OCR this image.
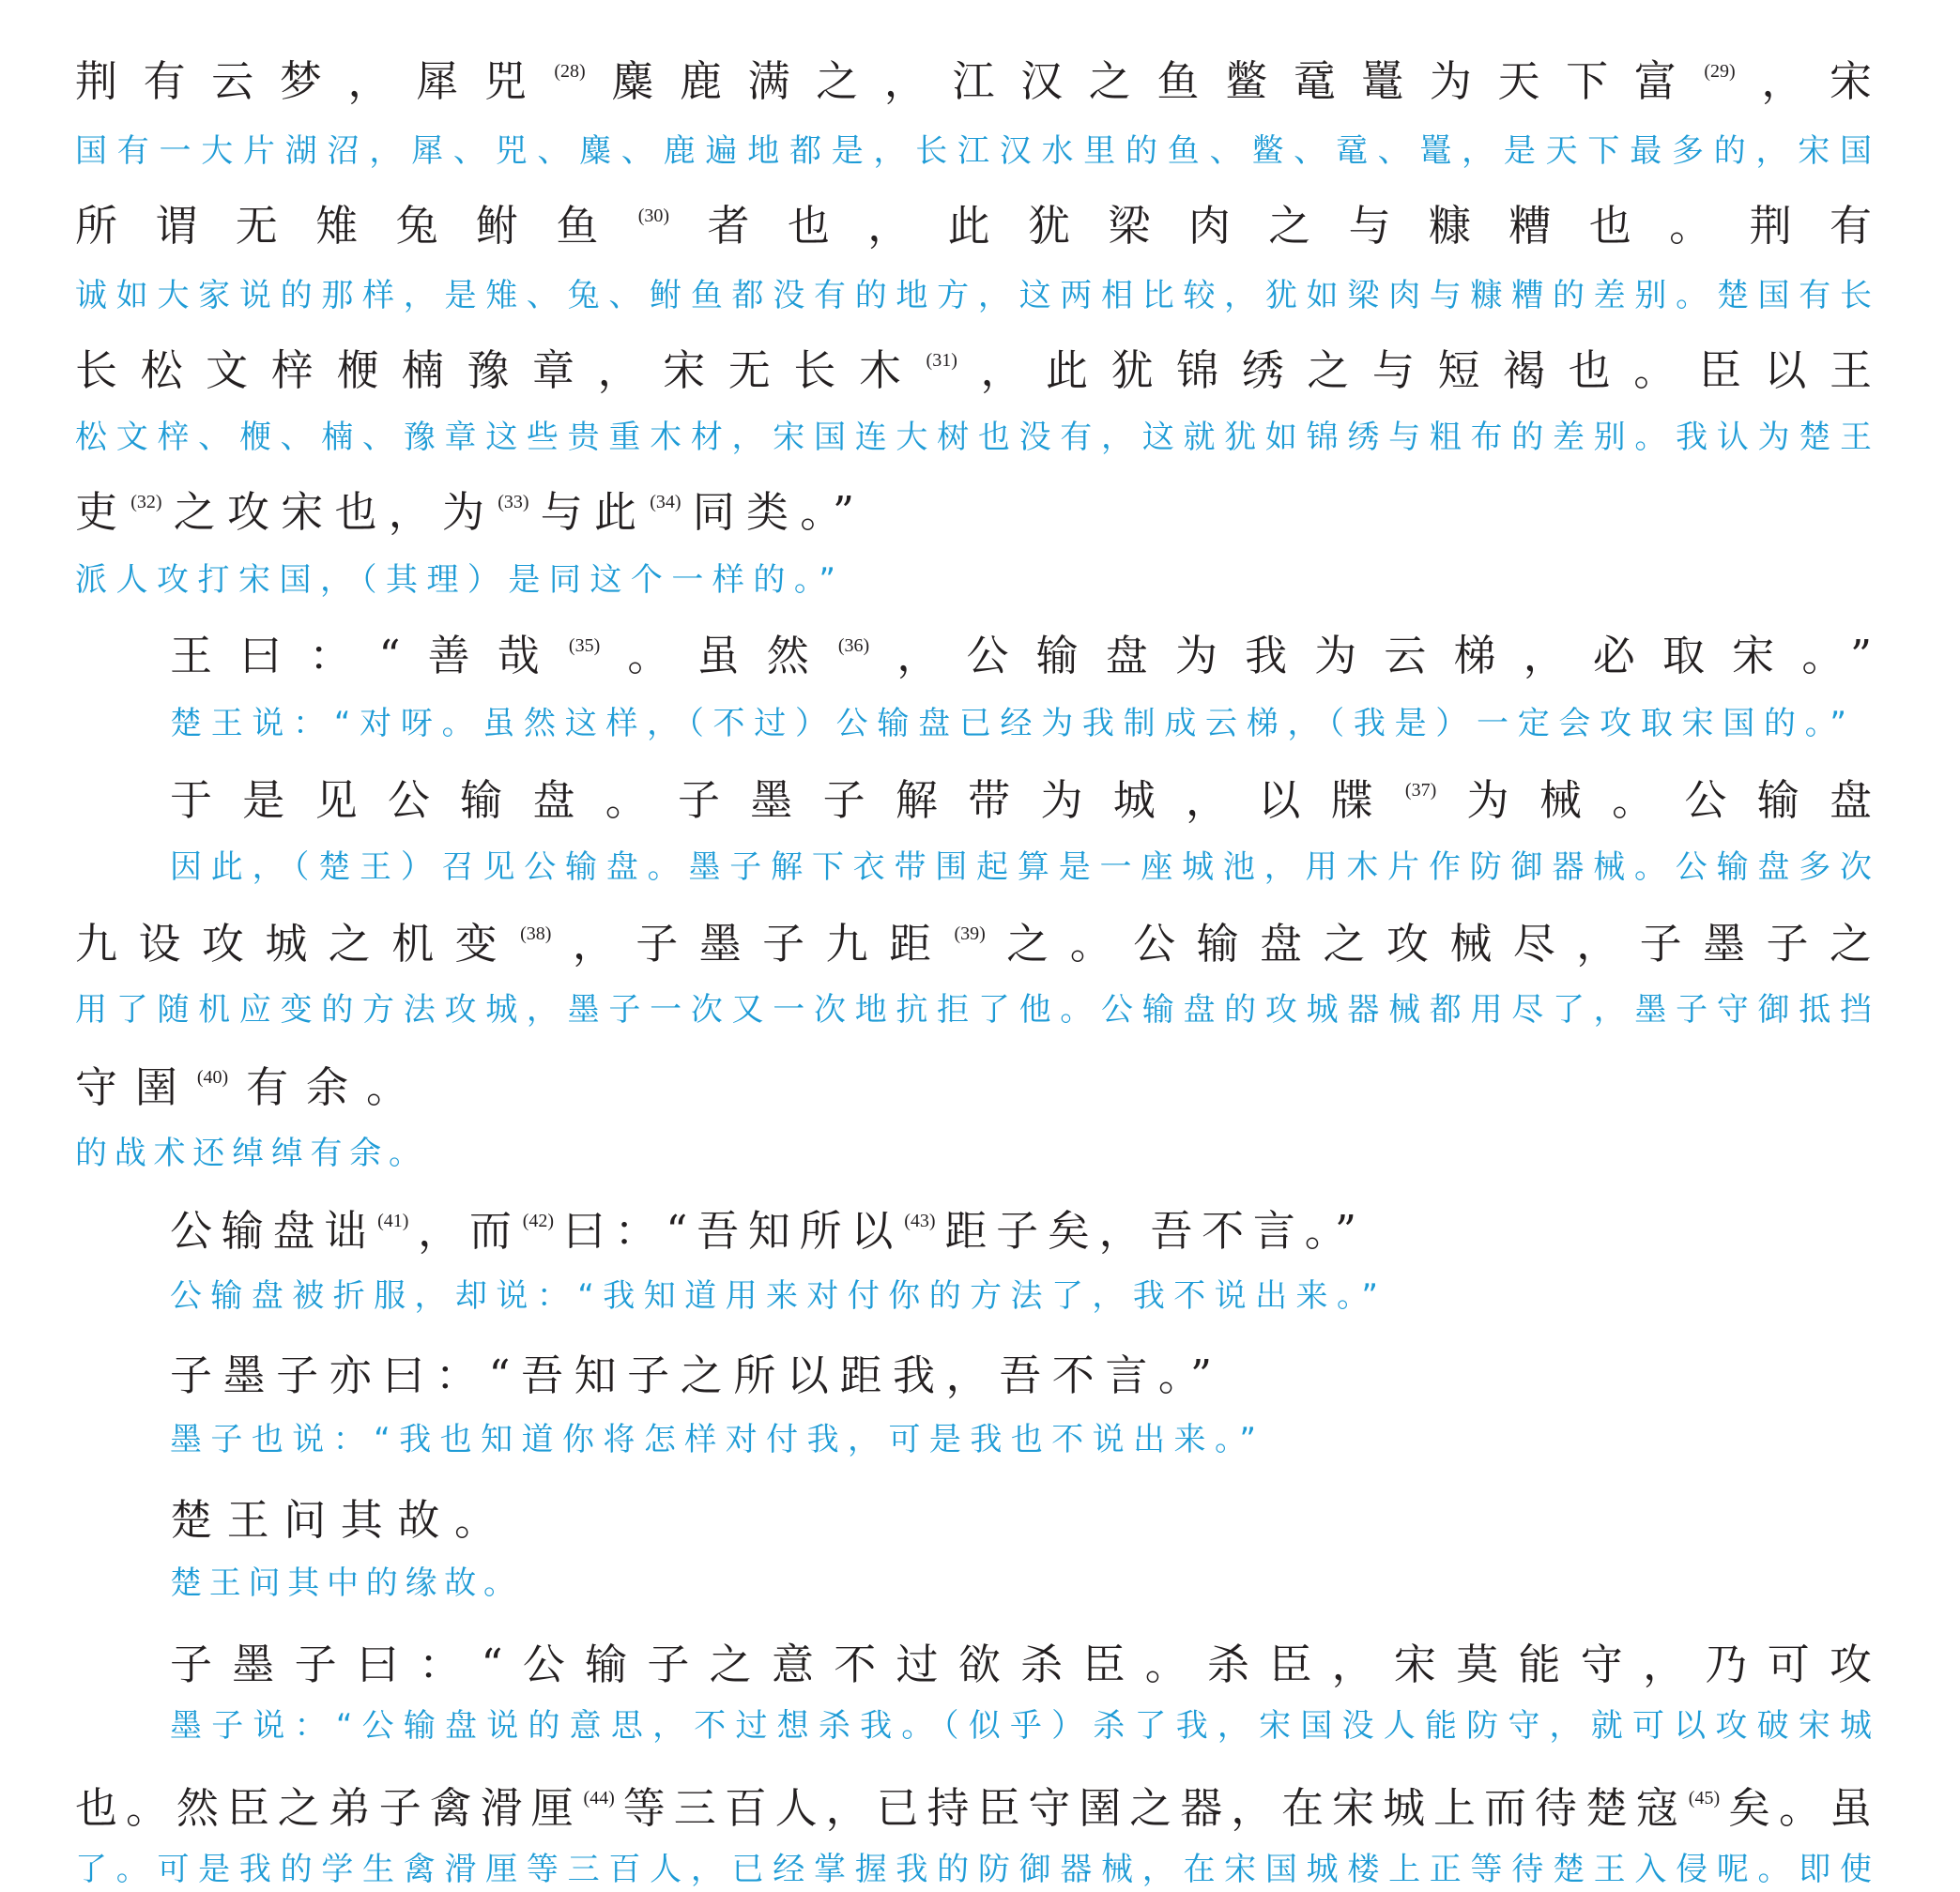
荆有云梦，犀兕 $^{(28)}$麋鹿满之，江汉之鱼鳖鼋鼍为天下富 $^{(29)}$，宋
国有一大片湖沼，犀、兕、麋、鹿遍地都是，长江汉水里的鱼、鳖、鼋、鼍，是天下最多的，宋国
所谓无雉兔鲋鱼 $^{(30)}$者也，此犹梁肉之与糠糟也。荆有
诚如大家说的那样，是雉、兔、鲋鱼都没有的地方，这两相比较，犹如梁肉与糠糟的差别。楚国有长
长松文梓楩楠豫章，宋无长木 $^{(31)}$，此犹锦绣之与短褐也。臣以王
松文梓、楩、楠、豫章这些贵重木材，宋国连大树也没有，这就犹如锦绣与粗布的差别。我认为楚王
吏 $^{(32)}$之攻宋也，为 $^{(33)}$与此 $^{(34)}$同类。”
派人攻打宋国，（其理）是同这个一样的。”
王曰：“善哉 $^{(35)}$。虽然 $^{(36)}$，公输盘为我为云梯，必取宋。”
楚王说：“对呀。虽然这样，（不过）公输盘已经为我制成云梯，（我是）一定会攻取宋国的。”
于是见公输盘。子墨子解带为城，以牒 $^{(37)}$为械。公输盘
因此，（楚王）召见公输盘。墨子解下衣带围起算是一座城池，用木片作防御器械。公输盘多次
九设攻城之机变 $^{(38)}$，子墨子九距 $^{(39)}$之。公输盘之攻械尽，子墨子之
用了随机应变的方法攻城，墨子一次又一次地抗拒了他。公输盘的攻城器械都用尽了，墨子守御抵挡
守圉 $^{(40)}$有余。
的战术还绰绰有余。
公输盘诎 $^{(41)}$，而 $^{(42)}$曰：“吾知所以 $^{(43)}$距子矣，吾不言。”
公输盘被折服，却说：“我知道用来对付你的方法了，我不说出来。”
子墨子亦曰：“吾知子之所以距我，吾不言。”
墨子也说：“我也知道你将怎样对付我，可是我也不说出来。”
楚王问其故。
楚王问其中的缘故。
子墨子曰：“公输子之意不过欲杀臣。杀臣，宋莫能守，乃可攻
墨子说：“公输盘说的意思，不过想杀我。（似乎）杀了我，宋国没人能防守，就可以攻破宋城
也。然臣之弟子禽滑厘 $^{(44)}$等三百人，已持臣守圉之器，在宋城上而待楚寇 $^{(45)}$矣。虽
了。可是我的学生禽滑厘等三百人，已经掌握我的防御器械，在宋国城楼上正等待楚王入侵呢。即使
